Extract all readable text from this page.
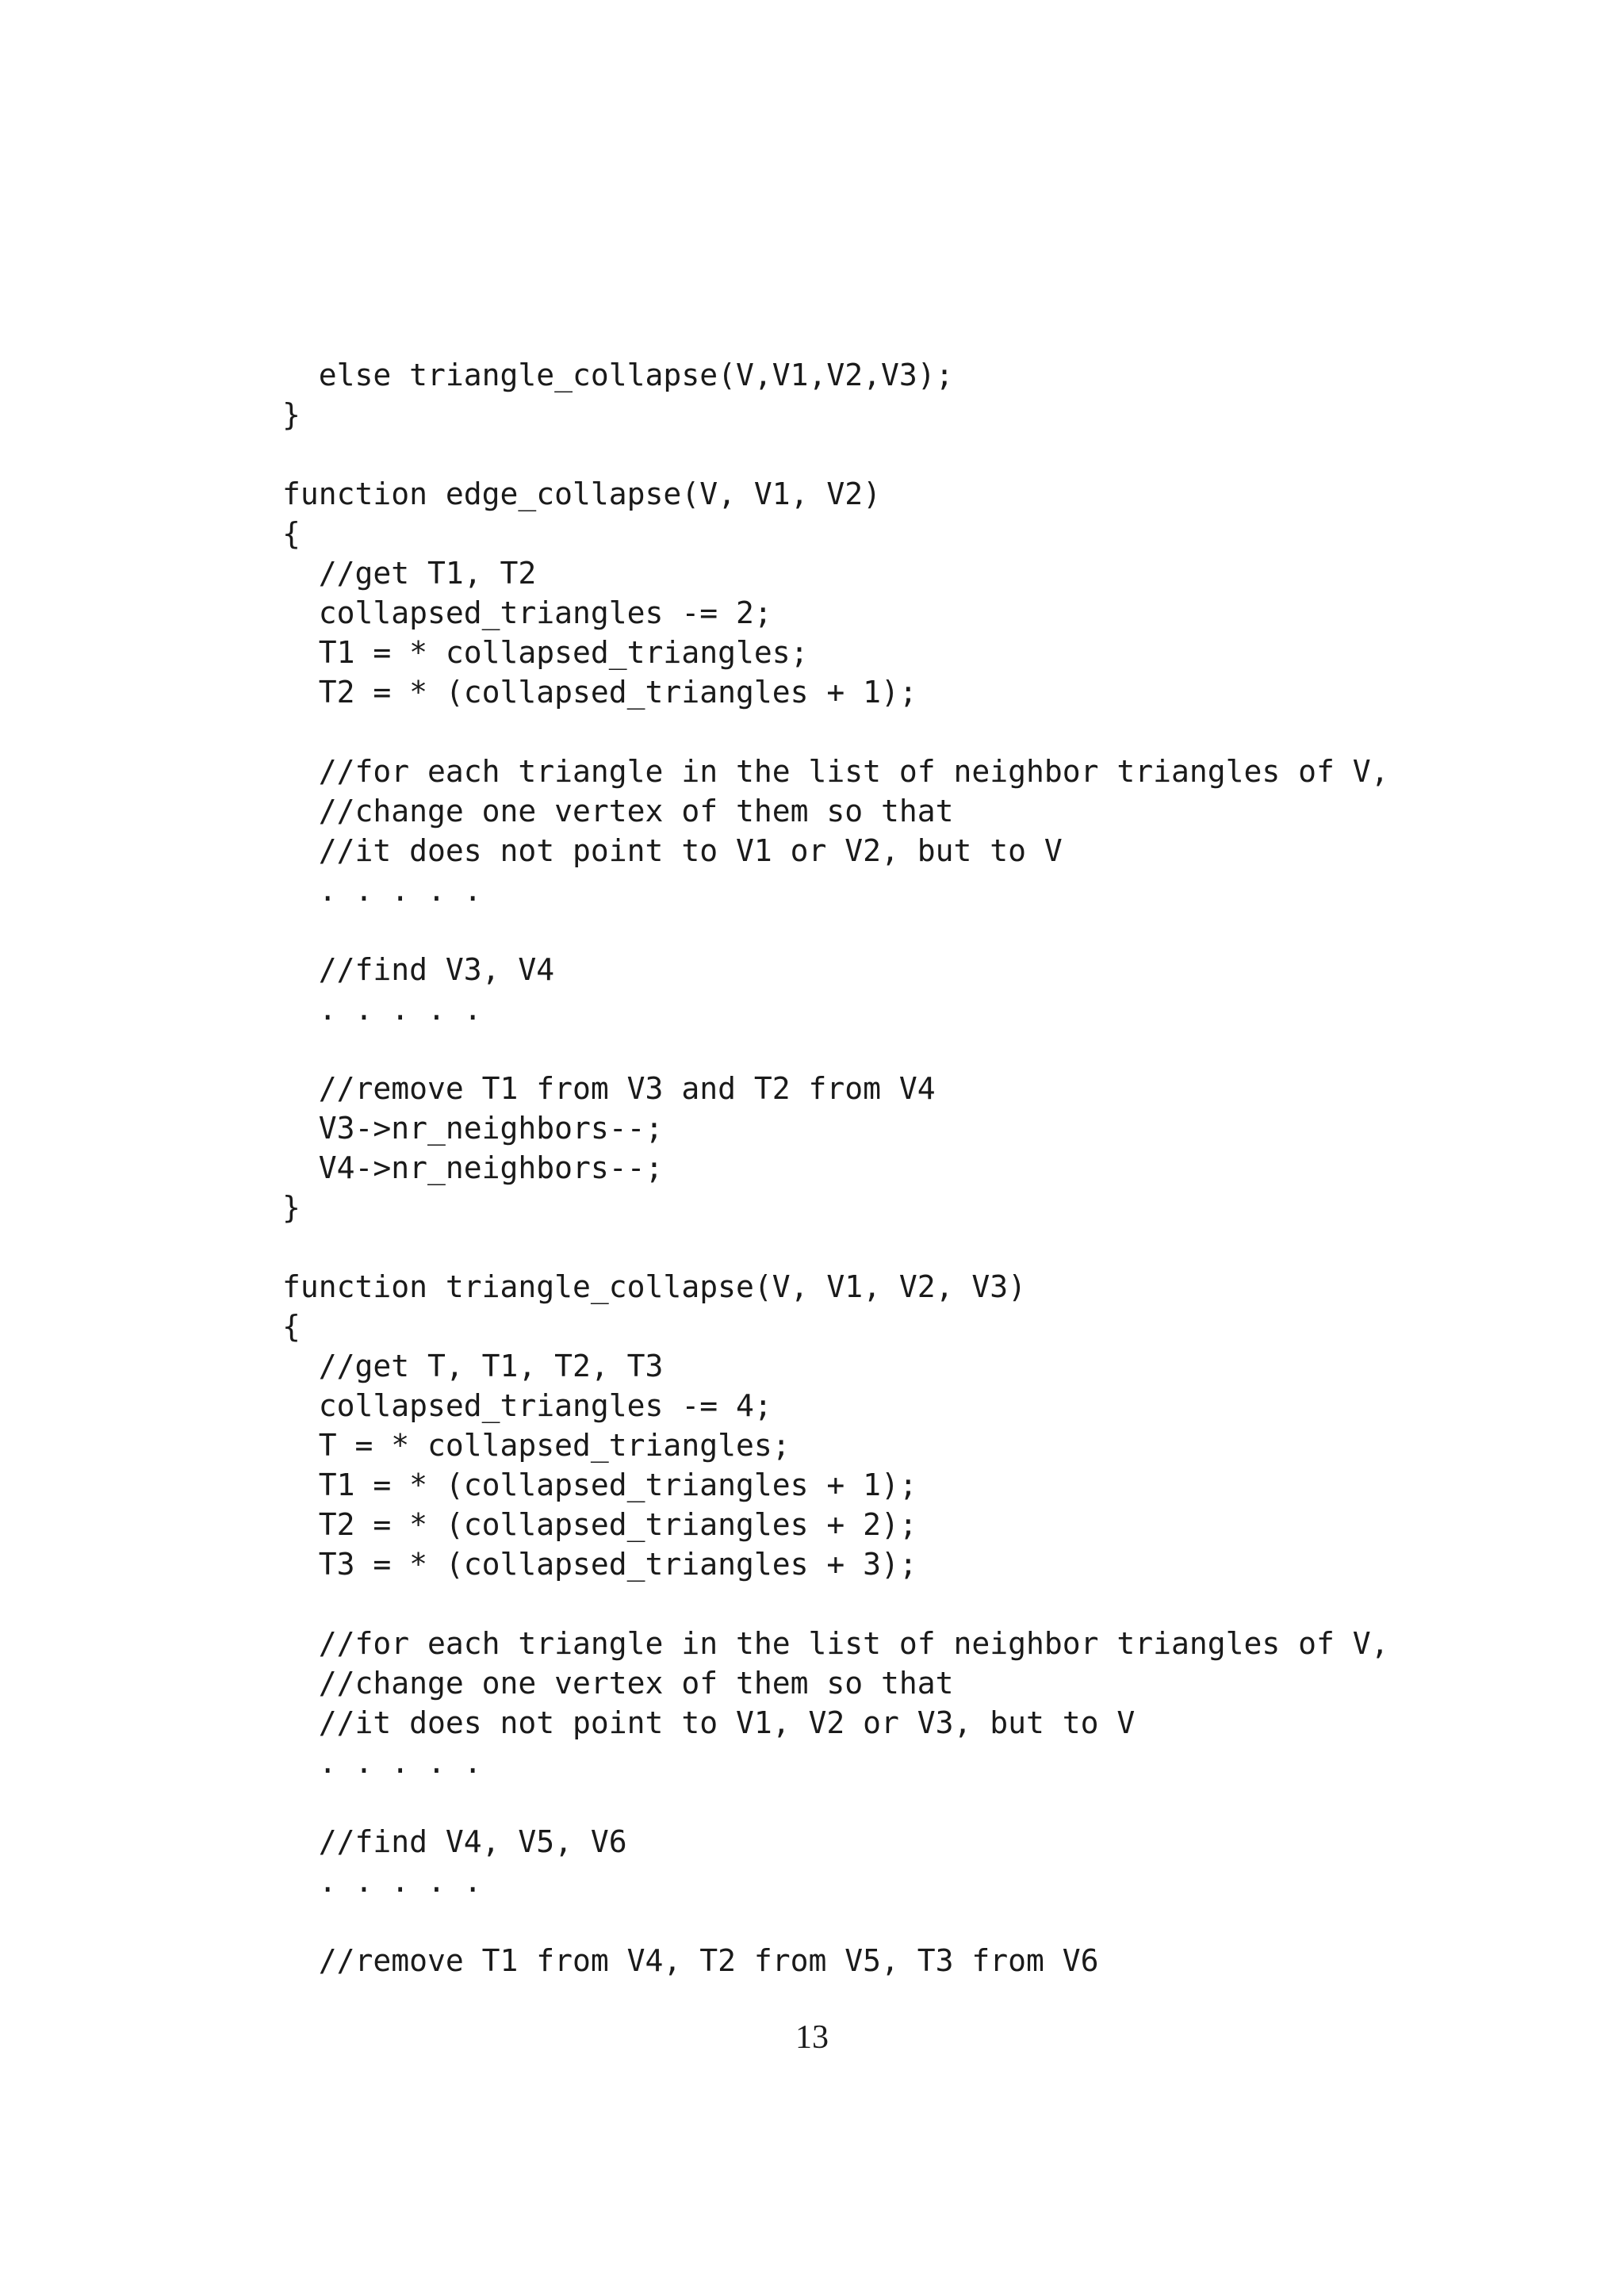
else triangle_collapse(V,V1,V2,V3);
}
function edge_collapse(V, V1, V2)
{
//get T1, T2
collapsed_triangles -= 2;
T1 = * collapsed_triangles;
T2 = * (collapsed_triangles + 1);
//for each triangle in the list of neighbor triangles of V,
//change one vertex of them so that
//it does not point to V1 or V2, but to V
. . . . .
//find V3, V4
. . . . .
//remove T1 from V3 and T2 from V4
V3->nr_neighbors--;
V4->nr_neighbors--;
}
function triangle_collapse(V, V1, V2, V3)
{
//get T, T1, T2, T3
collapsed_triangles -= 4;
T = * collapsed_triangles;
T1 = * (collapsed_triangles + 1);
T2 = * (collapsed_triangles + 2);
T3 = * (collapsed_triangles + 3);
//for each triangle in the list of neighbor triangles of V,
//change one vertex of them so that
//it does not point to V1, V2 or V3, but to V
. . . . .
//find V4, V5, V6
. . . . .
//remove T1 from V4, T2 from V5, T3 from V6
13
